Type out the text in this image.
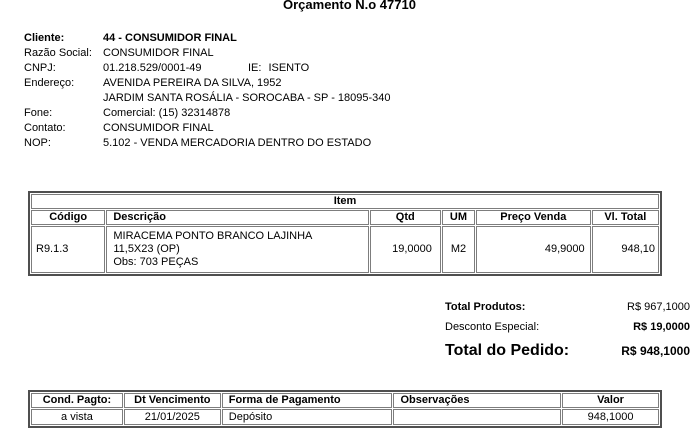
Orçamento N.o 47710
Cliente:	44 - CONSUMIDOR FINAL
Razão Social:	CONSUMIDOR FINAL
CNPJ:	01.218.529/0001-49	IE: ISENTO
Endereço:	AVENIDA PEREIRA DA SILVA, 1952
JARDIM SANTA ROSÁLIA - SOROCABA - SP - 18095-340
Fone:	Comercial: (15) 32314878
Contato:	CONSUMIDOR FINAL
NOP:	5.102 - VENDA MERCADORIA DENTRO DO ESTADO
Item					
Código	Descrição	Qtd	UM	Preço Venda	Vl. Total
R9.1.3	MIRACEMA PONTO BRANCO LAJINHA
11,5X23 (OP)
Obs: 703 PEÇAS	19,0000	M2	49,9000	948,10
Total Produtos:	R$ 967,1000
Desconto Especial:	R$ 19,0000
Total do Pedido:	R$ 948,1000
Cond. Pagto:	Dt Vencimento	Forma de Pagamento	Observações	Valor
a vista	21/01/2025	Depósito		948,1000
